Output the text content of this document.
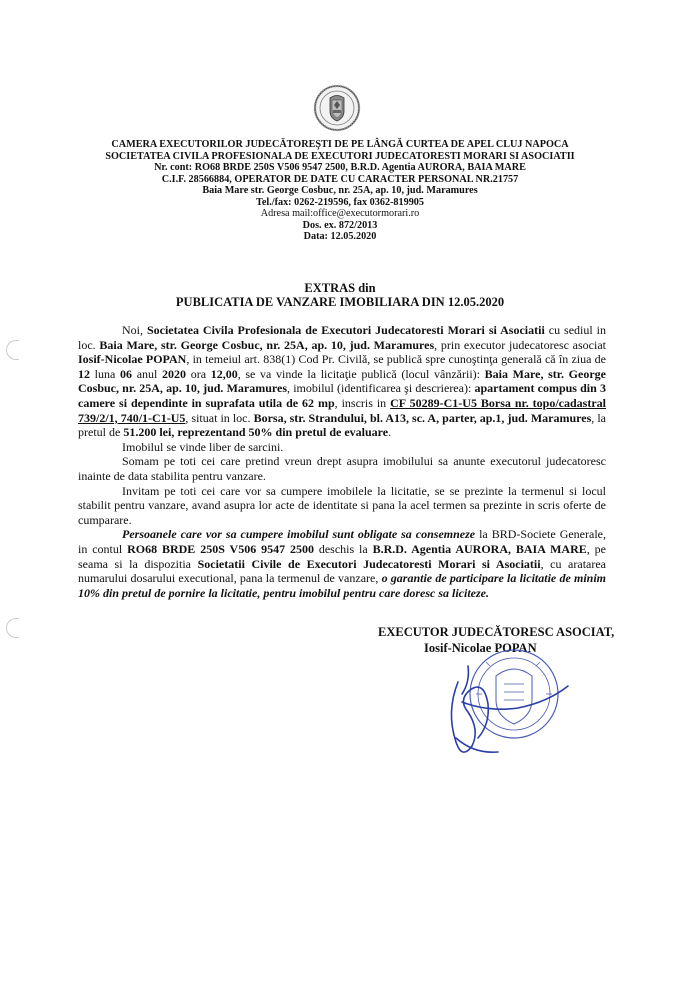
CAMERA EXECUTORILOR JUDECĂTOREŞTI DE PE LÂNGĂ CURTEA DE APEL CLUJ NAPOCA
SOCIETATEA CIVILA PROFESIONALA DE EXECUTORI JUDECATORESTI MORARI SI ASOCIATII
Nr. cont: RO68 BRDE 250S V506 9547 2500, B.R.D. Agentia AURORA, BAIA MARE
C.I.F. 28566884, OPERATOR DE DATE CU CARACTER PERSONAL NR.21757
Baia Mare str. George Cosbuc, nr. 25A, ap. 10, jud. Maramures
Tel./fax: 0262-219596, fax 0362-819905
Adresa mail:office@executormorari.ro
Dos. ex. 872/2013
Data: 12.05.2020
EXTRAS din
PUBLICATIA DE VANZARE IMOBILIARA DIN 12.05.2020

Noi, Societatea Civila Profesionala de Executori Judecatoresti Morari si Asociatii cu sediul in loc. Baia Mare, str. George Cosbuc, nr. 25A, ap. 10, jud. Maramures, prin executor judecatoresc asociat Iosif-Nicolae POPAN, in temeiul art. 838(1) Cod Pr. Civilă, se publică spre cunoştinţa generală că în ziua de 12 luna 06 anul 2020 ora 12,00, se va vinde la licitaţie publică (locul vânzării): Baia Mare, str. George Cosbuc, nr. 25A, ap. 10, jud. Maramures, imobilul (identificarea şi descrierea): apartament compus din 3 camere si dependinte in suprafata utila de 62 mp, inscris in CF 50289-C1-U5 Borsa nr. topo/cadastral 739/2/1, 740/1-C1-U5, situat in loc. Borsa, str. Strandului, bl. A13, sc. A, parter, ap.1, jud. Maramures, la pretul de 51.200 lei, reprezentand 50% din pretul de evaluare.

Imobilul se vinde liber de sarcini.

Somam pe toti cei care pretind vreun drept asupra imobilului sa anunte executorul judecatoresc inainte de data stabilita pentru vanzare.

Invitam pe toti cei care vor sa cumpere imobilele la licitatie, se se prezinte la termenul si locul stabilit pentru vanzare, avand asupra lor acte de identitate si pana la acel termen sa prezinte in scris oferte de cumparare.

Persoanele care vor sa cumpere imobilul sunt obligate sa consemneze la BRD-Societe Generale, in contul RO68 BRDE 250S V506 9547 2500 deschis la B.R.D. Agentia AURORA, BAIA MARE, pe seama si la dispozitia Societatii Civile de Executori Judecatoresti Morari si Asociatii, cu aratarea numarului dosarului executional, pana la termenul de vanzare, o garantie de participare la licitatie de minim 10% din pretul de pornire la licitatie, pentru imobilul pentru care doresc sa liciteze.

EXECUTOR JUDECĂTORESC ASOCIAT,
Iosif-Nicolae POPAN
